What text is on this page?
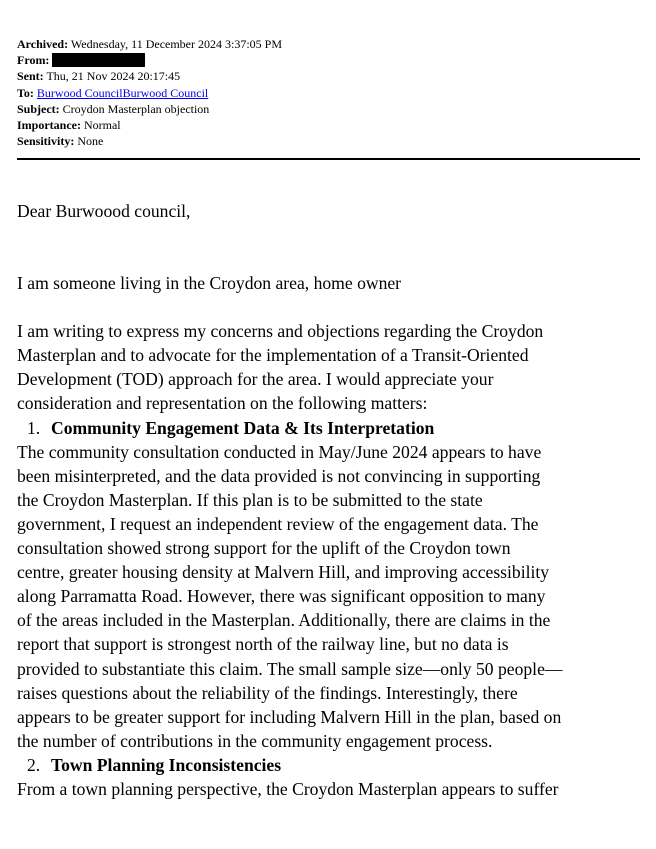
Archived: Wednesday, 11 December 2024 3:37:05 PM
From:
Sent: Thu, 21 Nov 2024 20:17:45
To: Burwood CouncilBurwood Council
Subject: Croydon Masterplan objection
Importance: Normal
Sensitivity: None

Dear Burwoood council,

I am someone living in the Croydon area, home owner

I am writing to express my concerns and objections regarding the Croydon

Masterplan and to advocate for the implementation of a Transit-Oriented

Development (TOD) approach for the area. I would appreciate your

consideration and representation on the following matters:

1. Community Engagement Data & Its Interpretation

The community consultation conducted in May/June 2024 appears to have

been misinterpreted, and the data provided is not convincing in supporting

the Croydon Masterplan. If this plan is to be submitted to the state

government, I request an independent review of the engagement data. The

consultation showed strong support for the uplift of the Croydon town

centre, greater housing density at Malvern Hill, and improving accessibility

along Parramatta Road. However, there was significant opposition to many

of the areas included in the Masterplan. Additionally, there are claims in the

report that support is strongest north of the railway line, but no data is

provided to substantiate this claim. The small sample size—only 50 people—

raises questions about the reliability of the findings. Interestingly, there

appears to be greater support for including Malvern Hill in the plan, based on

the number of contributions in the community engagement process.

2. Town Planning Inconsistencies

From a town planning perspective, the Croydon Masterplan appears to suffer
